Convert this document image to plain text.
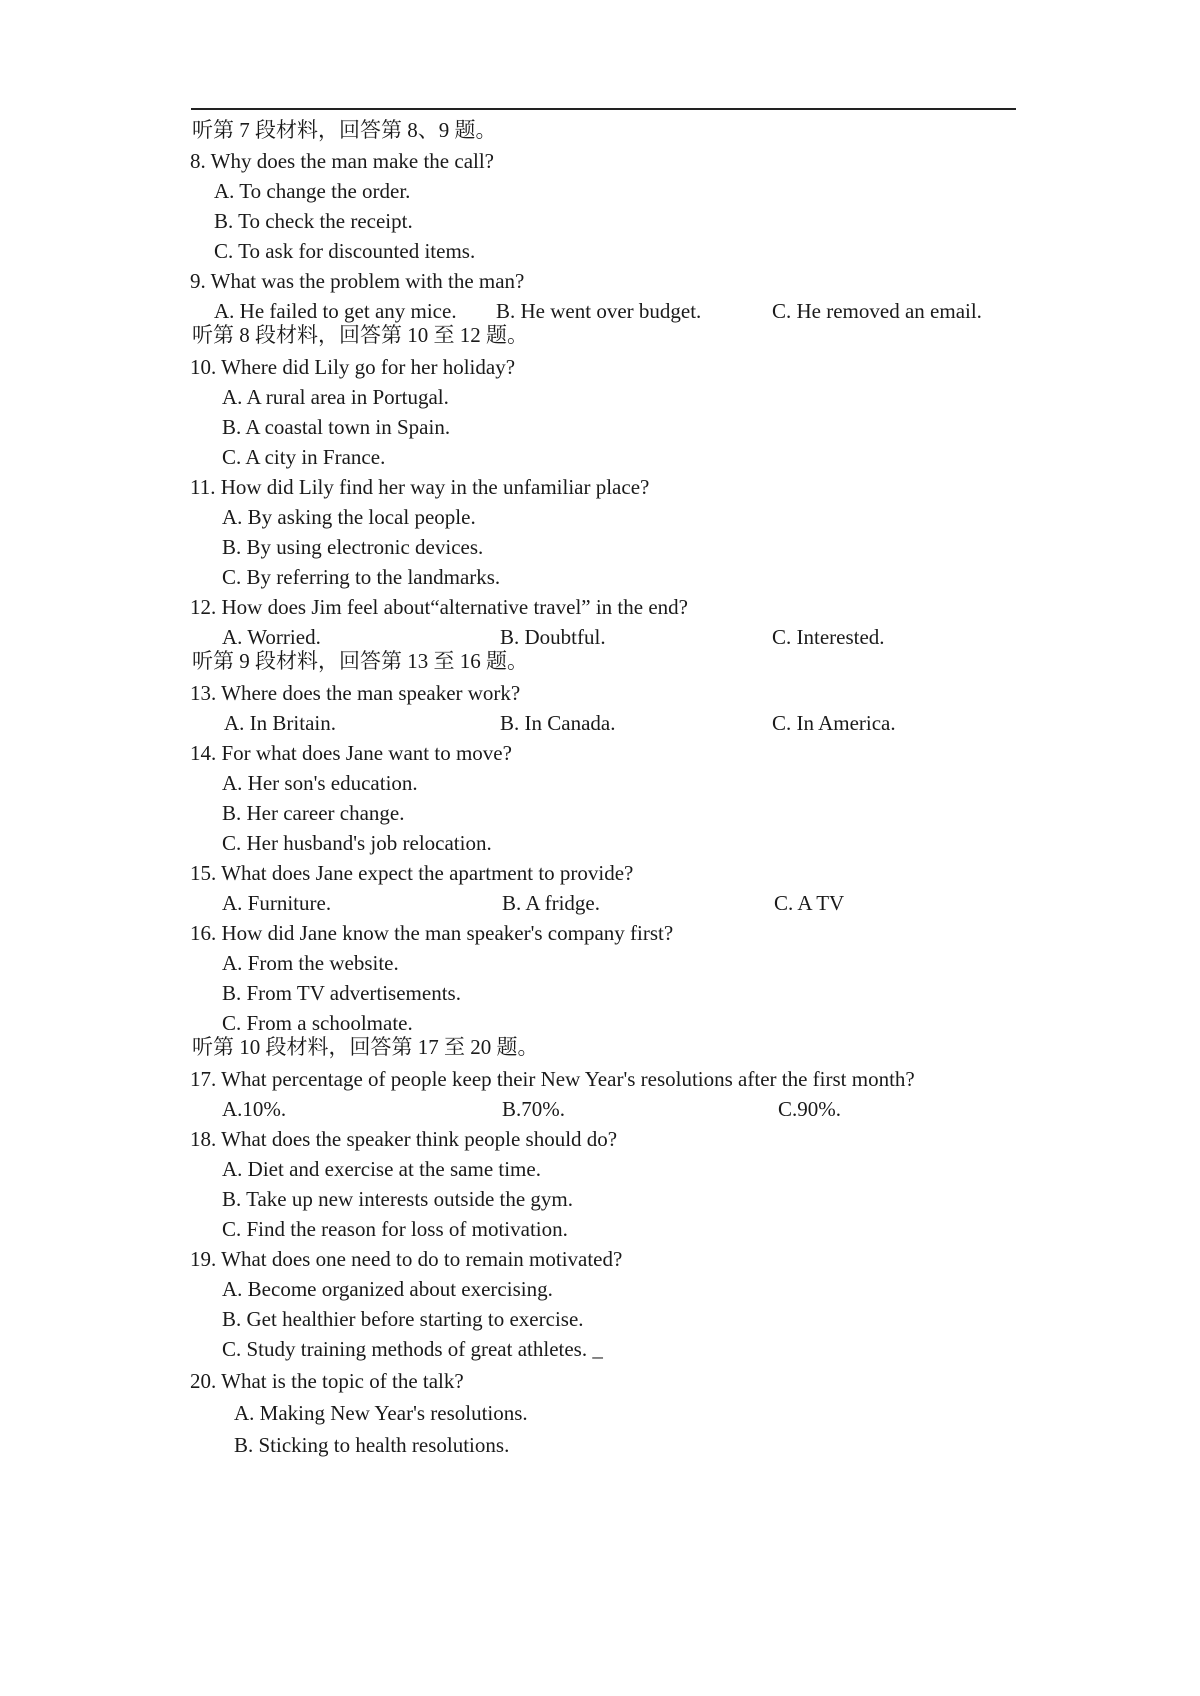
听第 7 段材料，回答第 8、9 题。
8. Why does the man make the call?
A. To change the order.
B. To check the receipt.
C. To ask for discounted items.
9. What was the problem with the man?
A. He failed to get any mice. B. He went over budget.	C. He removed an email.
听第 8 段材料，回答第 10 至 12 题。
10. Where did Lily go for her holiday?
A. A rural area in Portugal.
B. A coastal town in Spain.
C. A city in France.
11. How did Lily find her way in the unfamiliar place?
A. By asking the local people.
B. By using electronic devices.
C. By referring to the landmarks.
12. How does Jim feel about“alternative travel” in the end?
A. Worried.	B. Doubtful.	C. Interested.
听第 9 段材料，回答第 13 至 16 题。
13. Where does the man speaker work?
A. In Britain.	B. In Canada.	C. In America.
14. For what does Jane want to move?
A. Her son's education.
B. Her career change.
C. Her husband's job relocation.
15. What does Jane expect the apartment to provide?
A. Furniture.	B. A fridge.	C. A TV
16. How did Jane know the man speaker's company first?
A. From the website.
B. From TV advertisements.
C. From a schoolmate.
听第 10 段材料，回答第 17 至 20 题。
17. What percentage of people keep their New Year's resolutions after the first month?
A.10%.	B.70%.	C.90%.
18. What does the speaker think people should do?
A. Diet and exercise at the same time.
B. Take up new interests outside the gym.
C. Find the reason for loss of motivation.
19. What does one need to do to remain motivated?
A. Become organized about exercising.
B. Get healthier before starting to exercise.
C. Study training methods of great athletes. _
20. What is the topic of the talk?
A. Making New Year's resolutions.
B. Sticking to health resolutions.
